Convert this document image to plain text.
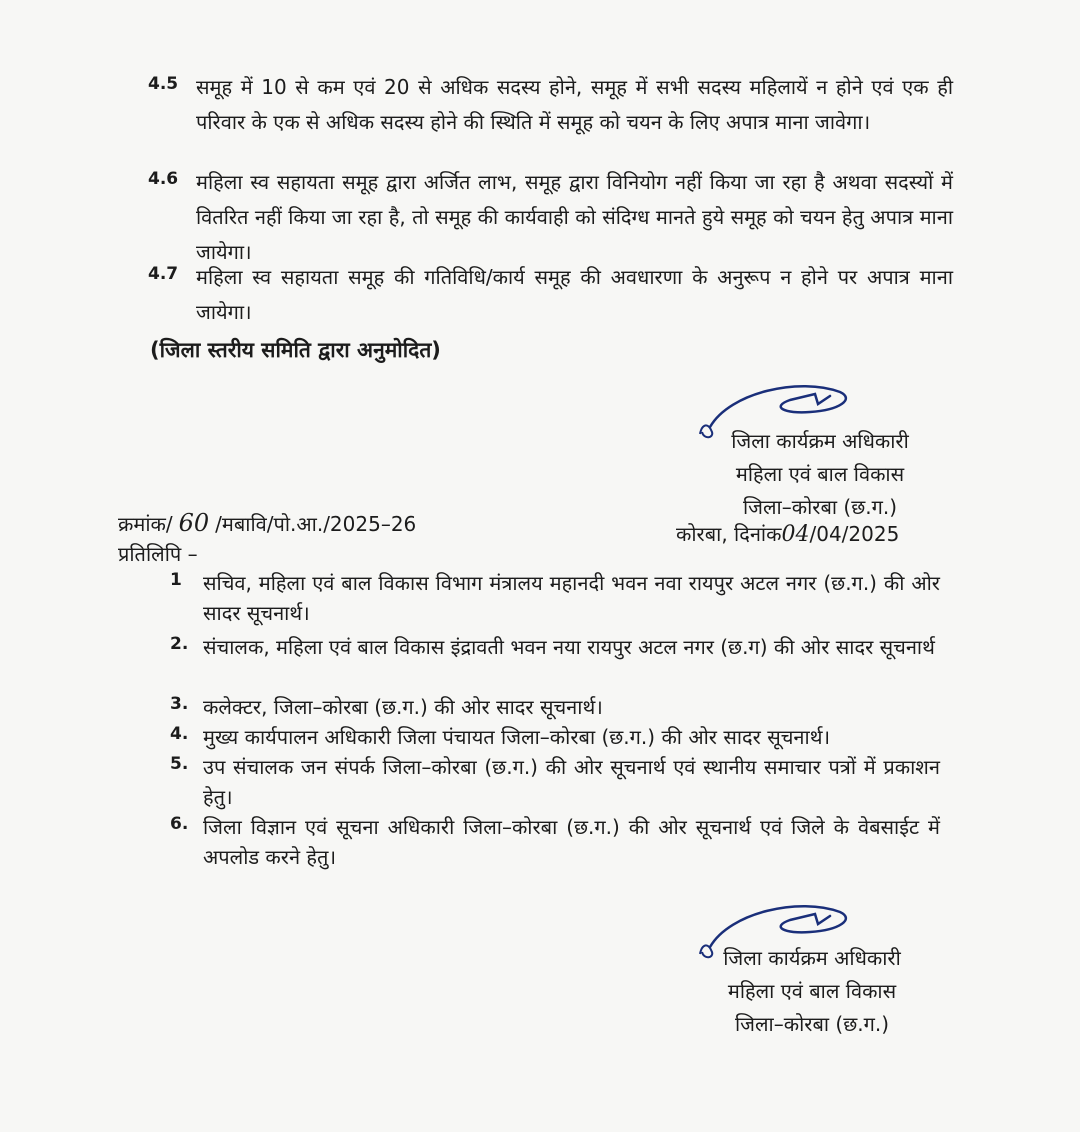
4.5 समूह में 10 से कम एवं 20 से अधिक सदस्य होने, समूह में सभी सदस्य महिलायें न होने एवं एक ही परिवार के एक से अधिक सदस्य होने की स्थिति में समूह को चयन के लिए अपात्र माना जावेगा।
4.6 महिला स्व सहायता समूह द्वारा अर्जित लाभ, समूह द्वारा विनियोग नहीं किया जा रहा है अथवा सदस्यों में वितरित नहीं किया जा रहा है, तो समूह की कार्यवाही को संदिग्ध मानते हुये समूह को चयन हेतु अपात्र माना जायेगा।
4.7 महिला स्व सहायता समूह की गतिविधि/कार्य समूह की अवधारणा के अनुरूप न होने पर अपात्र माना जायेगा।
(जिला स्तरीय समिति द्वारा अनुमोदित)
जिला कार्यक्रम अधिकारी
महिला एवं बाल विकास
जिला–कोरबा (छ.ग.)
क्रमांक/ 60 /मबावि/पो.आ./2025–26	कोरबा, दिनांक04/04/2025
प्रतिलिपि –
1 सचिव, महिला एवं बाल विकास विभाग मंत्रालय महानदी भवन नवा रायपुर अटल नगर (छ.ग.) की ओर सादर सूचनार्थ।
2. संचालक, महिला एवं बाल विकास इंद्रावती भवन नया रायपुर अटल नगर (छ.ग) की ओर सादर सूचनार्थ
3. कलेक्टर, जिला–कोरबा (छ.ग.) की ओर सादर सूचनार्थ।
4. मुख्य कार्यपालन अधिकारी जिला पंचायत जिला–कोरबा (छ.ग.) की ओर सादर सूचनार्थ।
5. उप संचालक जन संपर्क जिला–कोरबा (छ.ग.) की ओर सूचनार्थ एवं स्थानीय समाचार पत्रों में प्रकाशन हेतु।
6. जिला विज्ञान एवं सूचना अधिकारी जिला–कोरबा (छ.ग.) की ओर सूचनार्थ एवं जिले के वेबसाईट में अपलोड करने हेतु।
जिला कार्यक्रम अधिकारी
महिला एवं बाल विकास
जिला–कोरबा (छ.ग.)
